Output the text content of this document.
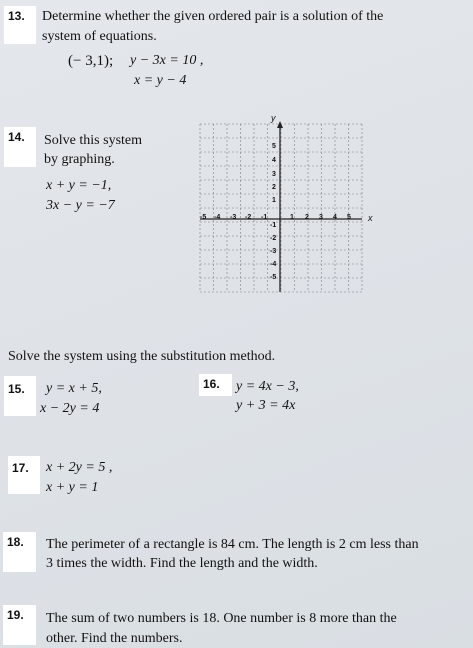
13.	Determine whether the given ordered pair is a solution of the
system of equations.
(− 3,1); y − 3x = 10 ,
x = y − 4
14.	Solve this system
by graphing.
x + y = −1,
3x − y = −7
y
x
-5 -4 -3 -2 -1	1 2 3 4 5
5
4
3
2
1
-1
-2
-3
-4
-5
Solve the system using the substitution method.
15.	y = x + 5,
x − 2y = 4
16.	y = 4x − 3,
y + 3 = 4x
17.	x + 2y = 5 ,
x + y = 1
18.	The perimeter of a rectangle is 84 cm. The length is 2 cm less than
3 times the width. Find the length and the width.
19.	The sum of two numbers is 18. One number is 8 more than the
other. Find the numbers.
